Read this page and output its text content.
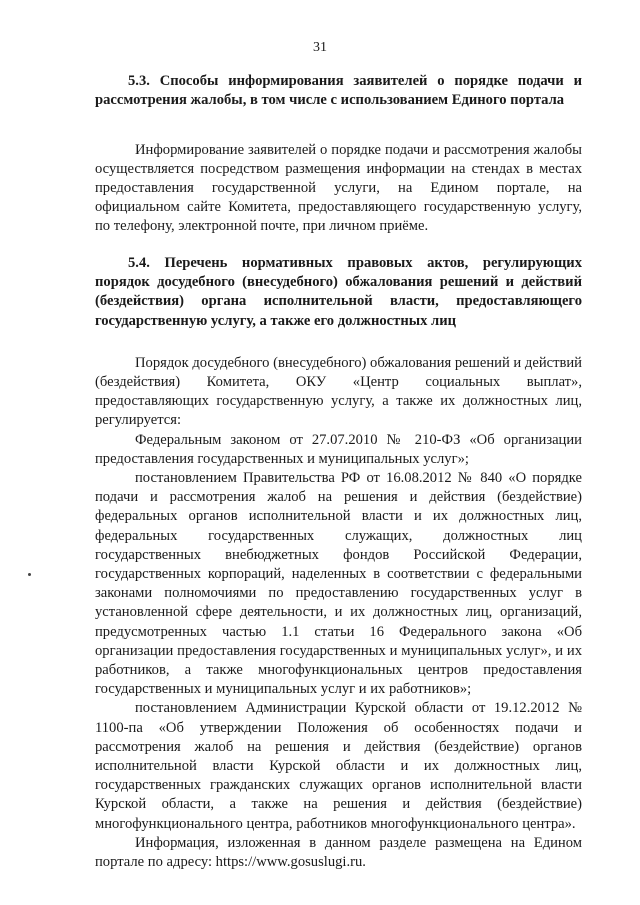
31

5.3. Способы информирования заявителей о порядке подачи и рассмотрения жалобы, в том числе с использованием Единого портала

Информирование заявителей о порядке подачи и рассмотрения жалобы осуществляется посредством размещения информации на стендах в местах предоставления государственной услуги, на Едином портале, на официальном сайте Комитета, предоставляющего государственную услугу, по телефону, электронной почте, при личном приёме.

5.4. Перечень нормативных правовых актов, регулирующих порядок досудебного (внесудебного) обжалования решений и действий (бездействия) органа исполнительной власти, предоставляющего государственную услугу, а также его должностных лиц

Порядок досудебного (внесудебного) обжалования решений и действий (бездействия) Комитета, ОКУ «Центр социальных выплат», предоставляющих государственную услугу, а также их должностных лиц, регулируется:

Федеральным законом от 27.07.2010 № 210-ФЗ «Об организации предоставления государственных и муниципальных услуг»;

постановлением Правительства РФ от 16.08.2012 № 840 «О порядке подачи и рассмотрения жалоб на решения и действия (бездействие) федеральных органов исполнительной власти и их должностных лиц, федеральных государственных служащих, должностных лиц государственных внебюджетных фондов Российской Федерации, государственных корпораций, наделенных в соответствии с федеральными законами полномочиями по предоставлению государственных услуг в установленной сфере деятельности, и их должностных лиц, организаций, предусмотренных частью 1.1 статьи 16 Федерального закона «Об организации предоставления государственных и муниципальных услуг», и их работников, а также многофункциональных центров предоставления государственных и муниципальных услуг и их работников»;

постановлением Администрации Курской области от 19.12.2012 № 1100-па «Об утверждении Положения об особенностях подачи и рассмотрения жалоб на решения и действия (бездействие) органов исполнительной власти Курской области и их должностных лиц, государственных гражданских служащих органов исполнительной власти Курской области, а также на решения и действия (бездействие) многофункционального центра, работников многофункционального центра».

Информация, изложенная в данном разделе размещена на Едином портале по адресу: https://www.gosuslugi.ru.
